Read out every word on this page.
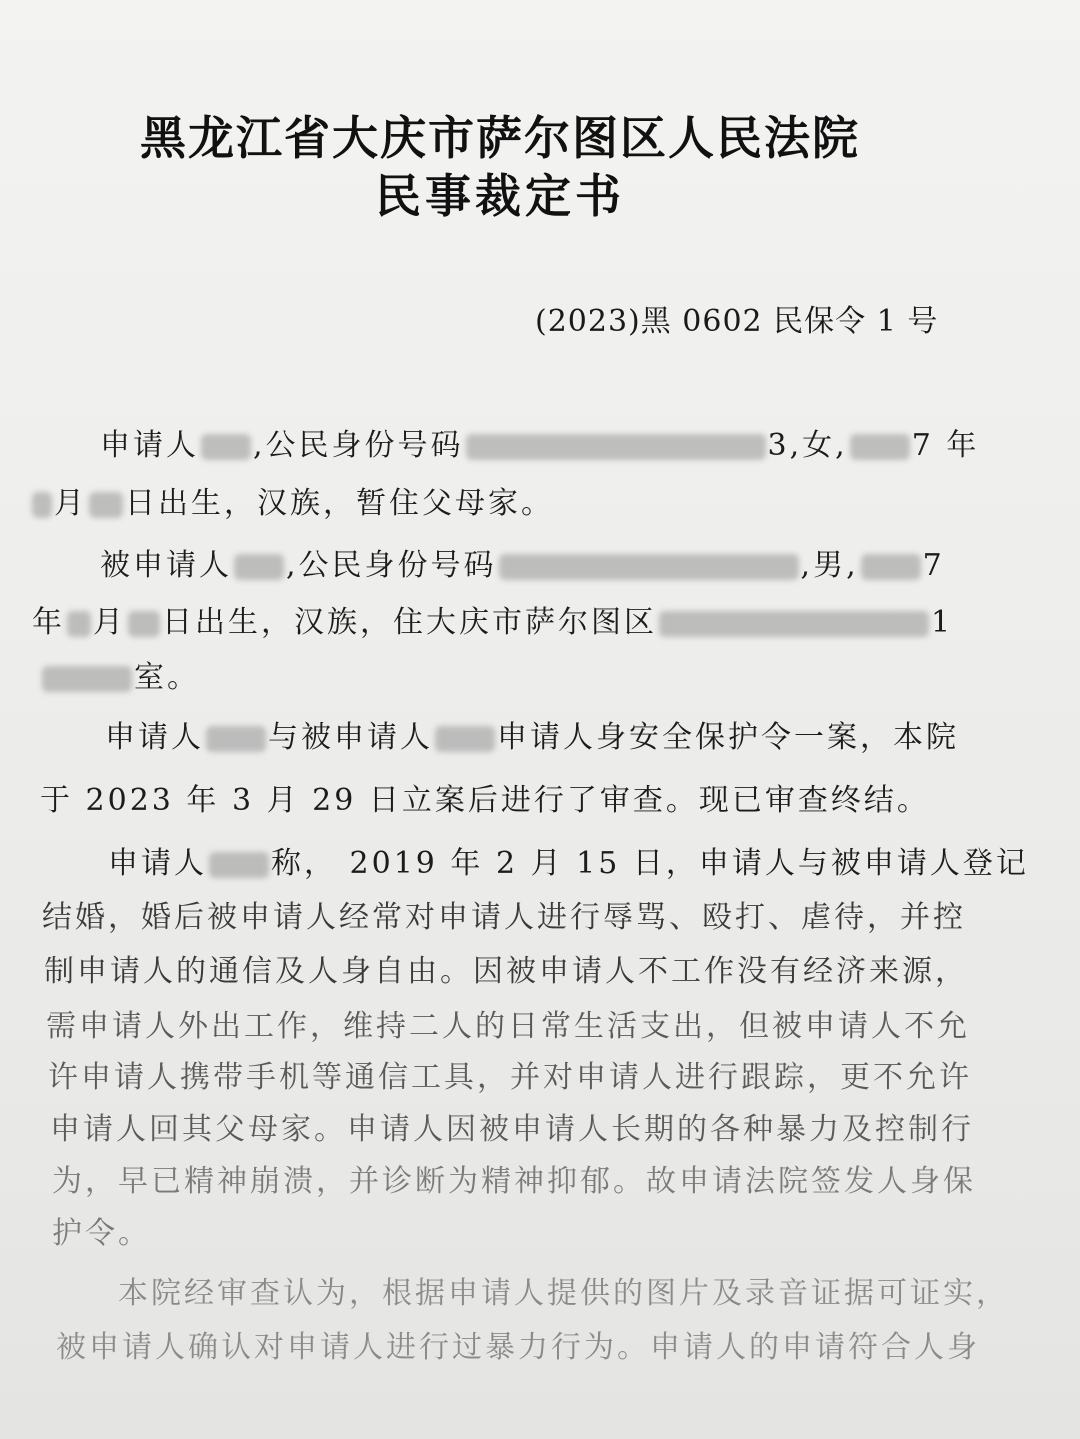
黑龙江省大庆市萨尔图区人民法院
民事裁定书
(2023)黑 0602 民保令 1 号
申请人 ,公民身份号码	3,女, 7 年
月 日出生，汉族，暂住父母家。
被申请人 ,公民身份号码	,男, 7
年 月 日出生，汉族，住大庆市萨尔图区	1
室。
申请人 与被申请人 申请人身安全保护令一案，本院
于 2023 年 3 月 29 日立案后进行了审查。现已审查终结。
申请人 称， 2019 年 2 月 15 日，申请人与被申请人登记
结婚，婚后被申请人经常对申请人进行辱骂、殴打、虐待，并控
制申请人的通信及人身自由。因被申请人不工作没有经济来源，
需申请人外出工作，维持二人的日常生活支出，但被申请人不允
许申请人携带手机等通信工具，并对申请人进行跟踪，更不允许
申请人回其父母家。申请人因被申请人长期的各种暴力及控制行
为，早已精神崩溃，并诊断为精神抑郁。故申请法院签发人身保
护令。
本院经审查认为，根据申请人提供的图片及录音证据可证实，
被申请人确认对申请人进行过暴力行为。申请人的申请符合人身
